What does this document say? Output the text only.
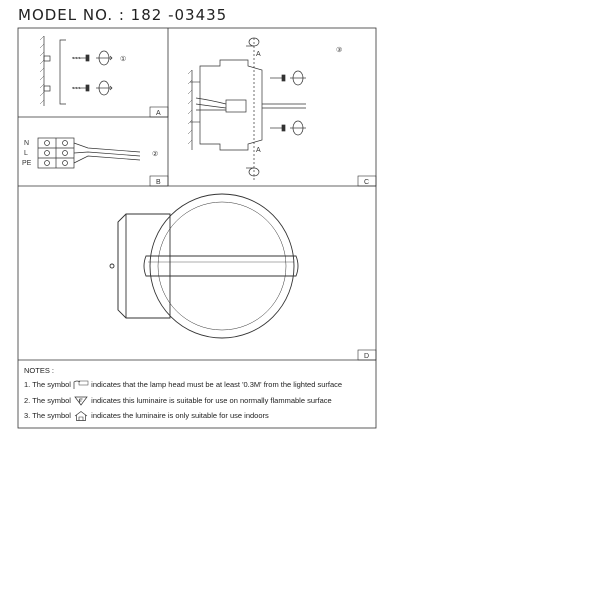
MODEL NO. : 182 -03435
A
B	C
D
①
N
L
PE
②
A
A
③
NOTES :
1. The symbol	indicates that the lamp head must be at least '0.3M' from the lighted surface
2. The symbol	indicates this luminaire is suitable for use on normally flammable surface
3. The symbol	indicates the luminaire is only suitable for use indoors
